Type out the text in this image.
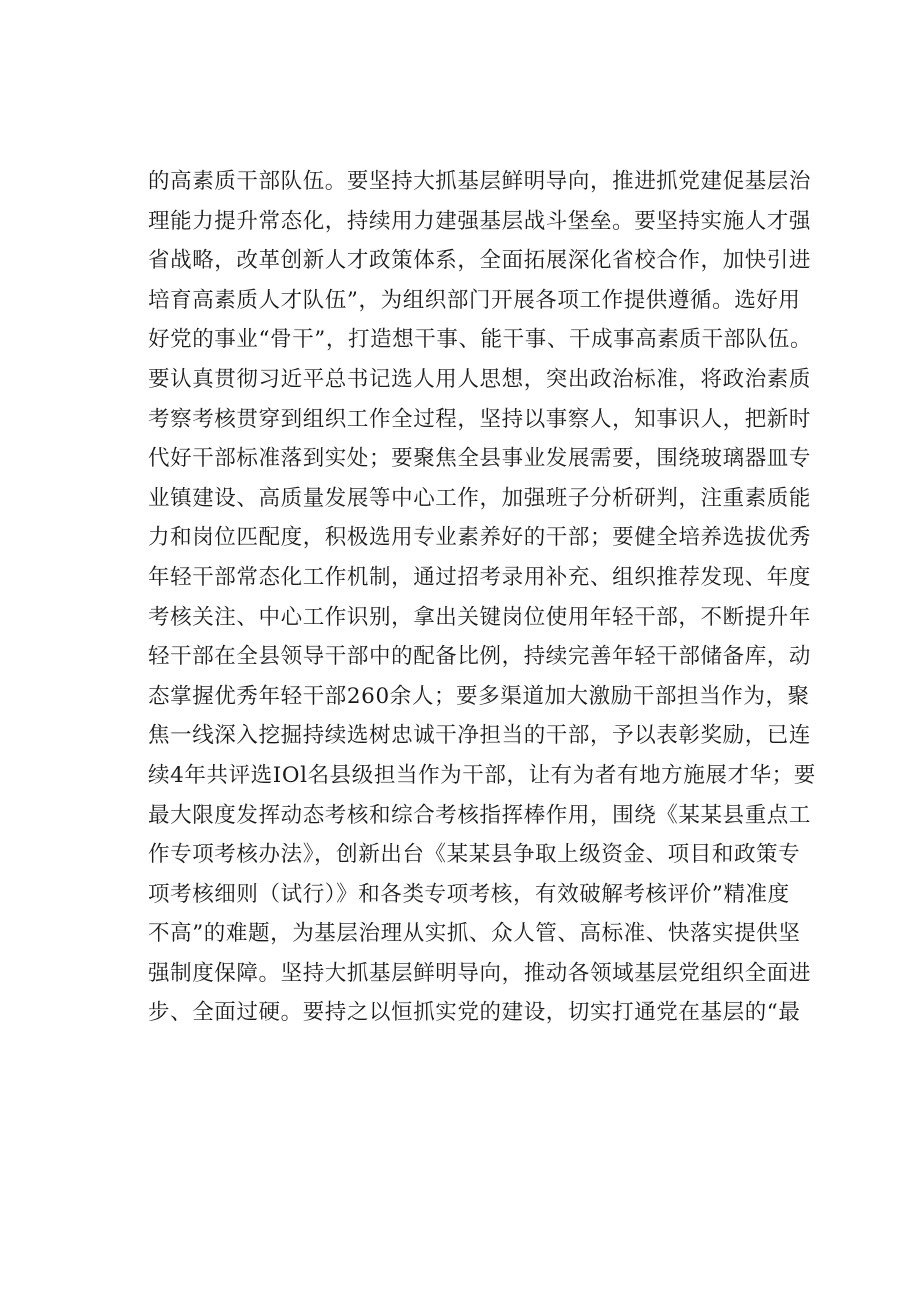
的高素质干部队伍。要坚持大抓基层鲜明导向，推进抓党建促基层治
理能力提升常态化，持续用力建强基层战斗堡垒。要坚持实施人才强
省战略，改革创新人才政策体系，全面拓展深化省校合作，加快引进
培育高素质人才队伍”，为组织部门开展各项工作提供遵循。选好用
好党的事业“骨干”，打造想干事、能干事、干成事高素质干部队伍。
要认真贯彻习近平总书记选人用人思想，突出政治标准，将政治素质
考察考核贯穿到组织工作全过程，坚持以事察人，知事识人，把新时
代好干部标准落到实处；要聚焦全县事业发展需要，围绕玻璃器皿专
业镇建设、高质量发展等中心工作，加强班子分析研判，注重素质能
力和岗位匹配度，积极选用专业素养好的干部；要健全培养选拔优秀
年轻干部常态化工作机制，通过招考录用补充、组织推荐发现、年度
考核关注、中心工作识别，拿出关键岗位使用年轻干部，不断提升年
轻干部在全县领导干部中的配备比例，持续完善年轻干部储备库，动
态掌握优秀年轻干部260余人；要多渠道加大激励干部担当作为，聚
焦一线深入挖掘持续选树忠诚干净担当的干部，予以表彰奖励，已连
续4年共评选IOl名县级担当作为干部，让有为者有地方施展才华；要
最大限度发挥动态考核和综合考核指挥棒作用，围绕《某某县重点工
作专项考核办法》，创新出台《某某县争取上级资金、项目和政策专
项考核细则（试行）》和各类专项考核，有效破解考核评价”精准度
不高”的难题，为基层治理从实抓、众人管、高标准、快落实提供坚
强制度保障。坚持大抓基层鲜明导向，推动各领域基层党组织全面进
步、全面过硬。要持之以恒抓实党的建设，切实打通党在基层的“最
